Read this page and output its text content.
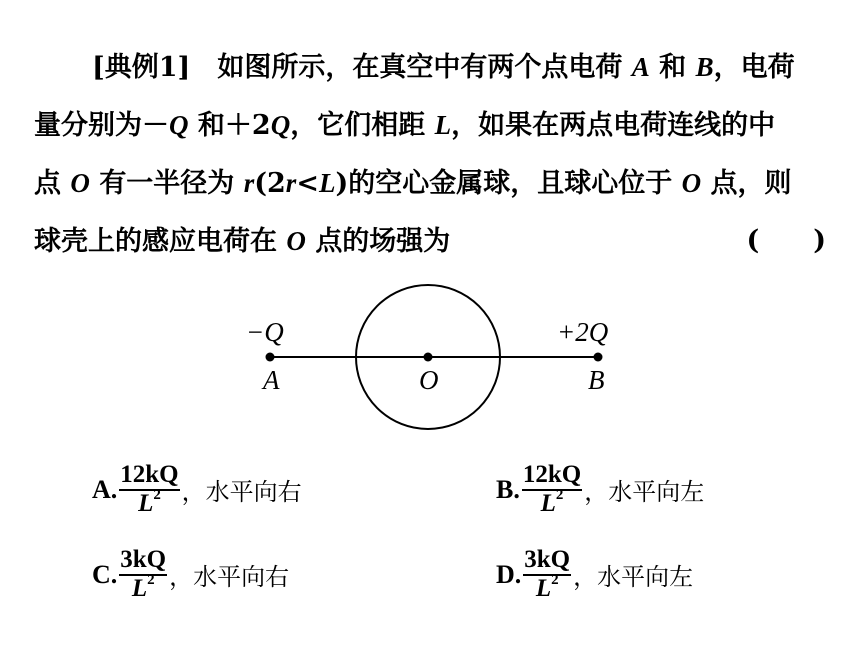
[典例1]　 如图所示，在真空中有两个点电荷 A 和 B，电荷
量分别为－Q 和＋2Q，它们相距 L，如果在两点电荷连线的中
点 O 有一半径为 r(2r<L)的空心金属球，且球心位于 O 点，则
球壳上的感应电荷在 O 点的场强为	(　　)
−Q	+2Q
A	O	B
A. $\frac{12kQ}{L^2}$ ，水平向右	B. $\frac{12kQ}{L^2}$ ，水平向左
C. $\frac{3kQ}{L^2}$ ，水平向右	D. $\frac{3kQ}{L^2}$ ，水平向左
